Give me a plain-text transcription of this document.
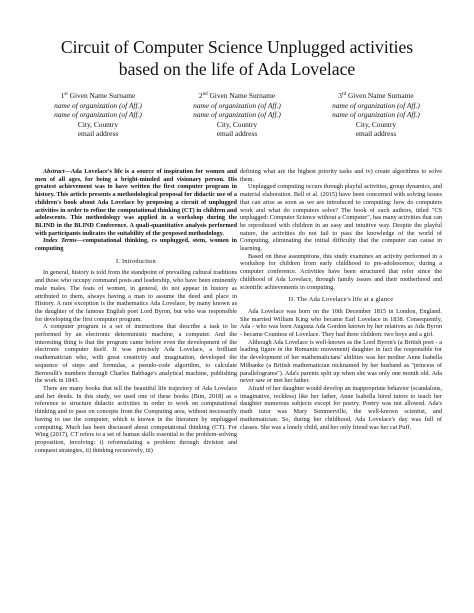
Circuit of Computer Science Unplugged activities
based on the life of Ada Lovelace
1st Given Name Surname
name of organization (of Aff.)
name of organization (of Aff.)
City, Country
email address
2nd Given Name Surname
name of organization (of Aff.)
name of organization (of Aff.)
City, Country
email address
3rd Given Name Surname
name of organization (of Aff.)
name of organization (of Aff.)
City, Country
email address

Abstract—Ada Lovelace's life is a source of inspiration for women and men of all ages, for being a bright-minded and visionary person. His greatest achievement was to have written the first computer program in history. This article presents a methodological proposal for didactic use of a children's book about Ada Lovelace by proposing a circuit of unplugged activities in order to refine the computational thinking (CT) in children and adolescents. This methodology was applied in a workshop during the BLIND in the BLIND Conference. A quali-quantitative analysis performed with participants indicates the suitability of the proposed methodology.

Index Terms—computational thinking, cs unplugged, stem, women in computing

I. Introduction

In general, history is told from the standpoint of prevailing cultural traditions and those who occupy command posts and leadership, who have been eminently male males. The feats of women, in general, do not appear in history as attributed to them, always having a man to assume the deed and place in History. A rare exception is the mathematics Ada Lovelace, by many known as the daughter of the famous English poet Lord Byron, but who was responsible for developing the first computer program.

A computer program is a set of instructions that describe a task to be performed by an electronic deterministic machine, a computer. And the interesting thing is that the program came before even the development of the electronic computer itself. It was precisely Ada Lovelace, a brilliant mathematician who, with great creativity and imagination, developed the sequence of steps and formulas, a pseudo-code algorithm, to calculate Bernoulli's numbers through Charles Babbage's analytical machine, publishing the work in 1843.

There are many books that tell the beautiful life trajectory of Ada Lovelace and her deeds. In this study, we used one of these books (Bim, 2018) as a reference to structure didactic activities in order to work on computational thinking and to pass on concepts from the Computing area, without necessarily having to use the computer, which is known in the literature by unplugged computing. Much has been discussed about computational thinking (CT). For Wing (2017), CT refers to a set of human skills essential to the problem-solving proposition, involving: i) reformulating a problem through division and conquest strategies, ii) thinking recursively, iii)

defining what are the highest priority tasks and iv) create algorithms to solve them.

Unplugged computing occurs through playful activities, group dynamics, and material elaboration. Bell et al. (2015) have been concerned with solving issues that can arise as soon as we are introduced to computing: how do computers work and what do computers solve? The book of such authors, titled "CS unplugged: Computer Science without a Computer", has many activities that can be reproduced with children in an easy and intuitive way. Despite the playful nature, the activities do not fail to pass the knowledge of the world of Computing, eliminating the initial difficulty that the computer can cause in learning.

Based on these assumptions, this study examines an activity performed in a workshop for children from early childhood to pre-adolescence, during a computer conference. Activities have been structured that refer since the childhood of Ada Lovelace, through family issues and their motherhood and scientific achievements in computing.

II. The Ada Lovelace's life at a glance

Ada Lovelace was born on the 10th December 1815 in London, England. She married William King who became Earl Lovelace in 1838. Consequently, Ada - who was born Augusta Ada Gordon known by her relatives as Ada Byron - became Countess of Lovelace. They had three children: two boys and a girl.

Although Ada Lovelace is well-known as the Lord Byron's (a British poet - a leading figure in the Romantic movement) daughter in fact the responsible for the development of her mathematicians' abilities was her mother Anne Isabella Milbanke (a British mathematician nicknamed by her husband as "princess of parallelograms"). Ada's parents split up when she was only one month old. Ada never saw or met her father.

Afraid of her daughter would develop an inappropriate behavior (scandalous, imaginative, reckless) like her father, Anne Isabella hired tutors to teach her daughter numerous subjects except for poetry. Poetry was not allowed. Ada's math tutor was Mary Sommerville, the well-known scientist, and mathematician. So, during her childhood, Ada Lovelace's day was full of classes. She was a lonely child, and her only friend was her cat Puff.
